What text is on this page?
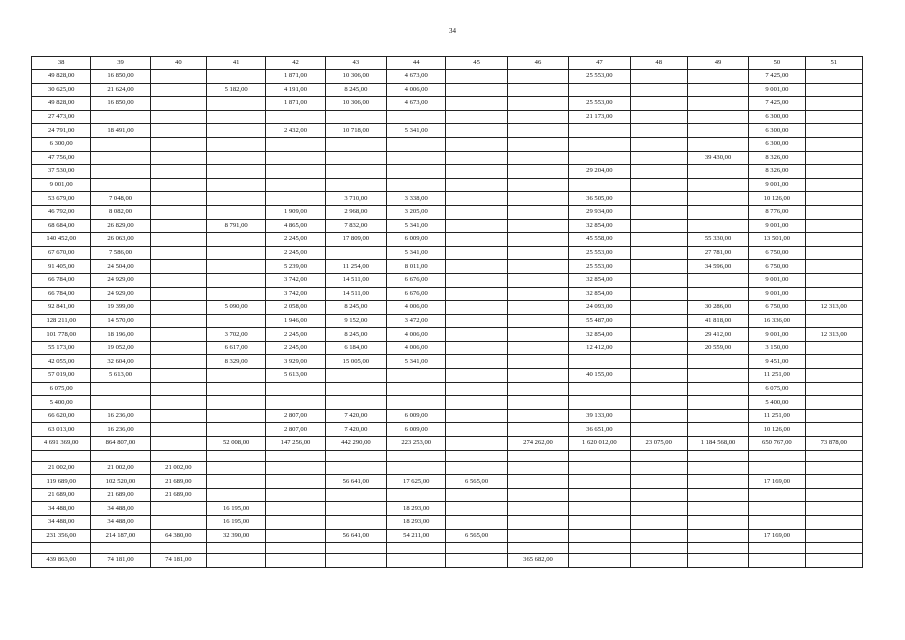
34
38	39	40	41	42	43	44	45	46	47	48	49	50	51
49 828,00	16 850,00			1 871,00	10 306,00	4 673,00			25 553,00			7 425,00	
30 625,00	21 624,00		5 182,00	4 191,00	8 245,00	4 006,00						9 001,00	
49 828,00	16 850,00			1 871,00	10 306,00	4 673,00			25 553,00			7 425,00	
27 473,00									21 173,00			6 300,00	
24 791,00	18 491,00			2 432,00	10 718,00	5 341,00						6 300,00	
6 300,00												6 300,00	
47 756,00											39 430,00	8 326,00	
37 530,00									29 204,00			8 326,00	
9 001,00												9 001,00	
53 679,00	7 048,00				3 710,00	3 338,00			36 505,00			10 126,00	
46 792,00	8 082,00			1 909,00	2 968,00	3 205,00			29 934,00			8 776,00	
68 684,00	26 829,00		8 791,00	4 865,00	7 832,00	5 341,00			32 854,00			9 001,00	
140 452,00	26 063,00			2 245,00	17 809,00	6 009,00			45 558,00		55 330,00	13 501,00	
67 670,00	7 586,00			2 245,00		5 341,00			25 553,00		27 781,00	6 750,00	
91 405,00	24 504,00			5 239,00	11 254,00	8 011,00			25 553,00		34 596,00	6 750,00	
66 784,00	24 929,00			3 742,00	14 511,00	6 676,00			32 854,00			9 001,00	
66 784,00	24 929,00			3 742,00	14 511,00	6 676,00			32 854,00			9 001,00	
92 841,00	19 399,00		5 090,00	2 058,00	8 245,00	4 006,00			24 093,00		30 286,00	6 750,00	12 313,00
128 211,00	14 570,00			1 946,00	9 152,00	3 472,00			55 487,00		41 818,00	16 336,00	
101 778,00	18 196,00		3 702,00	2 245,00	8 245,00	4 006,00			32 854,00		29 412,00	9 001,00	12 313,00
55 173,00	19 052,00		6 617,00	2 245,00	6 184,00	4 006,00			12 412,00		20 559,00	3 150,00	
42 055,00	32 604,00		8 329,00	3 929,00	15 005,00	5 341,00						9 451,00	
57 019,00	5 613,00			5 613,00					40 155,00			11 251,00	
6 075,00												6 075,00	
5 400,00												5 400,00	
66 620,00	16 236,00			2 807,00	7 420,00	6 009,00			39 133,00			11 251,00	
63 013,00	16 236,00			2 807,00	7 420,00	6 009,00			36 651,00			10 126,00	
4 691 369,00	864 807,00		52 008,00	147 256,00	442 290,00	223 253,00		274 262,00	1 620 012,00	23 075,00	1 184 568,00	650 767,00	73 878,00

21 002,00	21 002,00	21 002,00											
119 689,00	102 520,00	21 689,00			56 641,00	17 625,00	6 565,00					17 169,00	
21 689,00	21 689,00	21 689,00											
34 488,00	34 488,00		16 195,00			18 293,00							
34 488,00	34 488,00		16 195,00			18 293,00							
231 356,00	214 187,00	64 380,00	32 390,00		56 641,00	54 211,00	6 565,00					17 169,00	

439 863,00	74 181,00	74 181,00						365 682,00					
